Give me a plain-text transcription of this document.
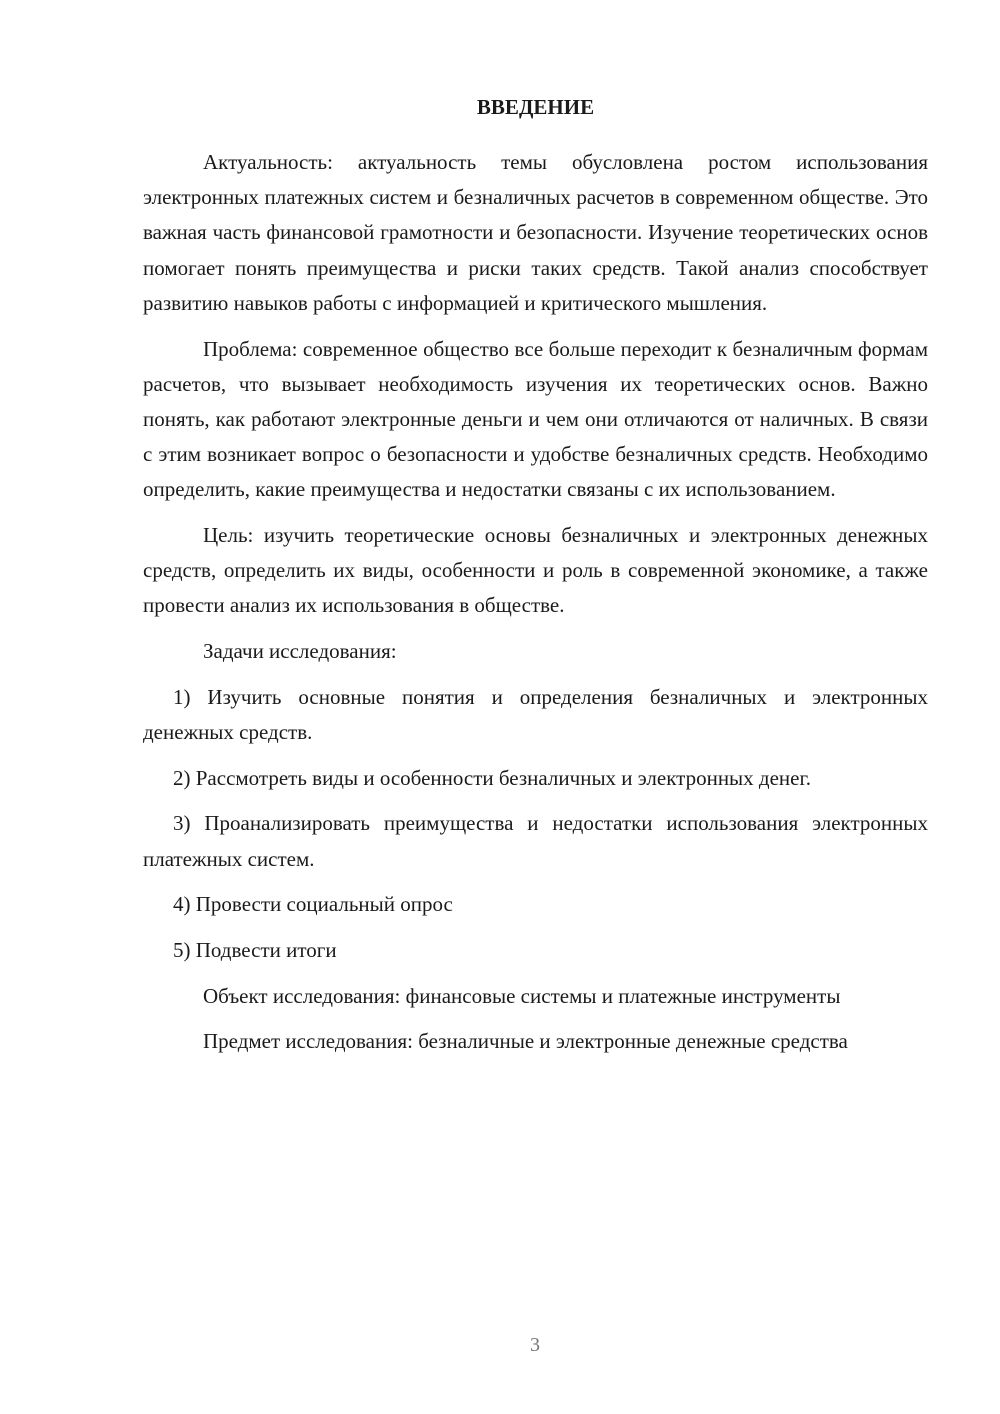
ВВЕДЕНИЕ

Актуальность: актуальность темы обусловлена ростом использования электронных платежных систем и безналичных расчетов в современном обществе. Это важная часть финансовой грамотности и безопасности. Изучение теоретических основ помогает понять преимущества и риски таких средств. Такой анализ способствует развитию навыков работы с информацией и критического мышления.

Проблема: современное общество все больше переходит к безналичным формам расчетов, что вызывает необходимость изучения их теоретических основ. Важно понять, как работают электронные деньги и чем они отличаются от наличных. В связи с этим возникает вопрос о безопасности и удобстве безналичных средств. Необходимо определить, какие преимущества и недостатки связаны с их использованием.

Цель: изучить теоретические основы безналичных и электронных денежных средств, определить их виды, особенности и роль в современной экономике, а также провести анализ их использования в обществе.

Задачи исследования:

1) Изучить основные понятия и определения безналичных и электронных денежных средств.

2) Рассмотреть виды и особенности безналичных и электронных денег.

3) Проанализировать преимущества и недостатки использования электронных платежных систем.

4) Провести социальный опрос

5) Подвести итоги

Объект исследования: финансовые системы и платежные инструменты

Предмет исследования: безналичные и электронные денежные средства

3
